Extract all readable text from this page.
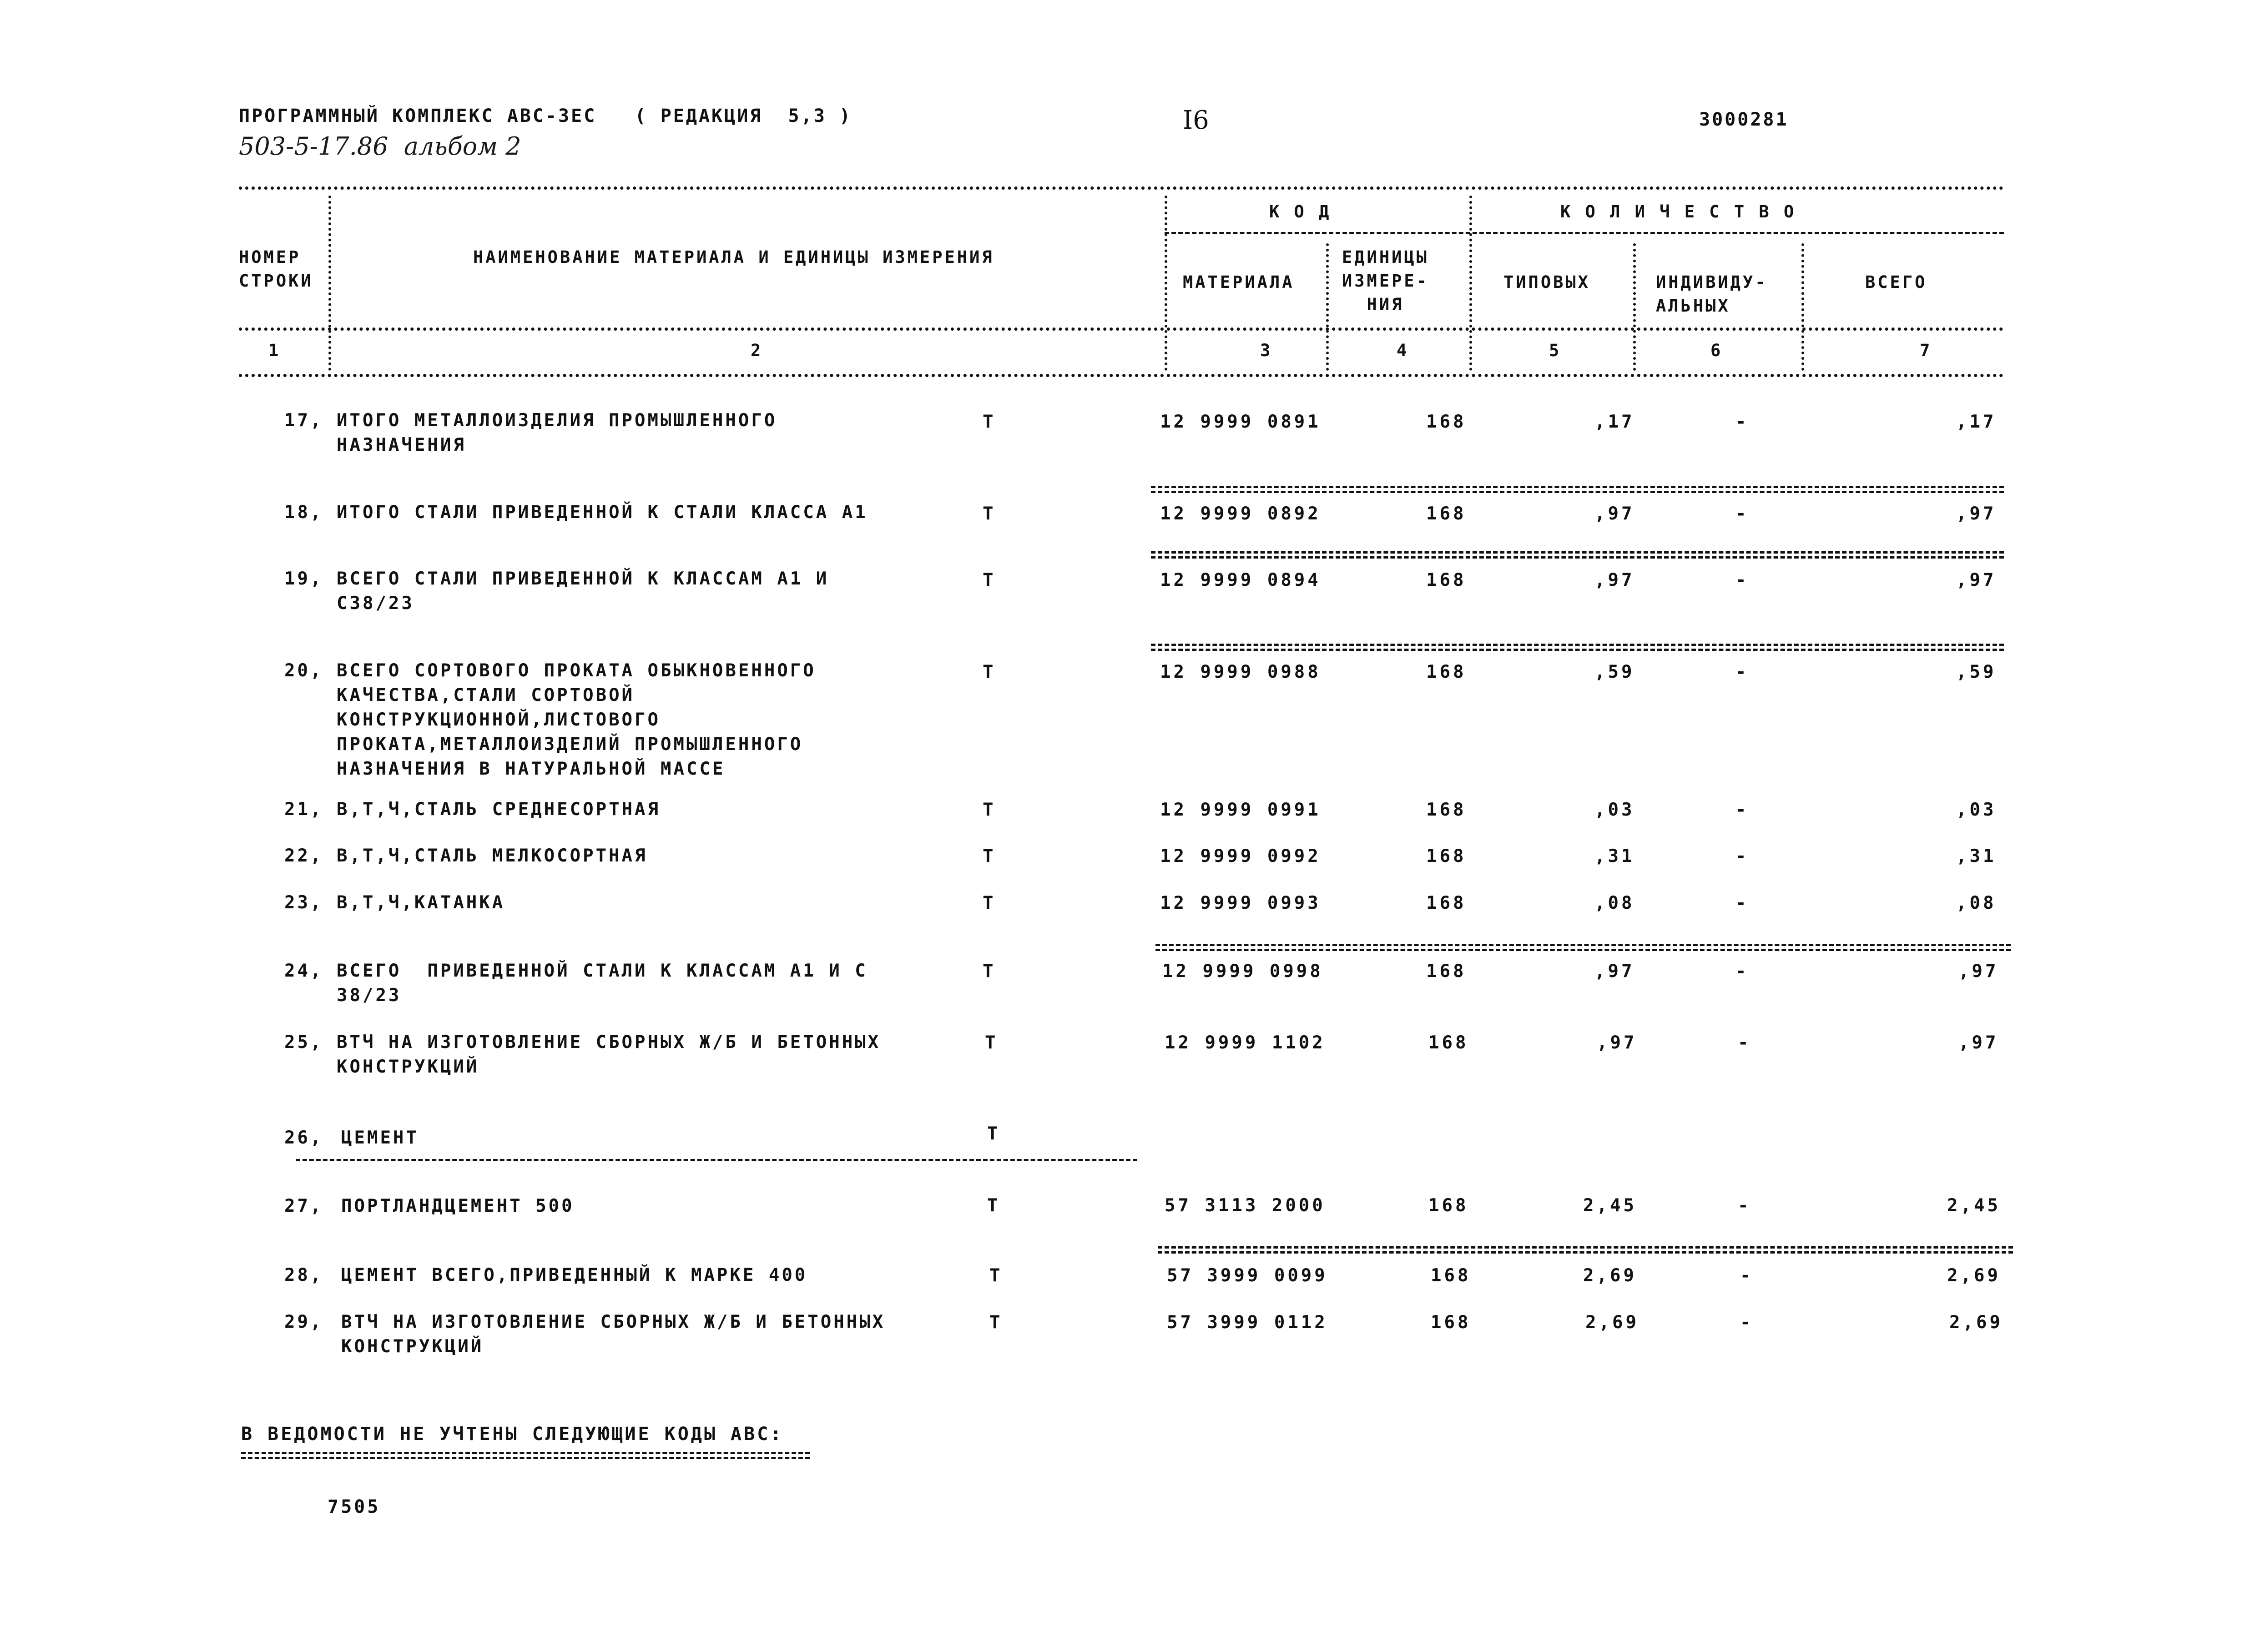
ПРОГРАММНЫЙ КОМПЛЕКС АВС-3ЕС   ( РЕДАКЦИЯ  5,3 )	I6	3000281
503-5-17.86  альбом 2
НОМЕР
СТРОКИ
НАИМЕНОВАНИЕ МАТЕРИАЛА И ЕДИНИЦЫ ИЗМЕРЕНИЯ
К О Д	К О Л И Ч Е С Т В О
МАТЕРИАЛА
ЕДИНИЦЫ
ИЗМЕРЕ-
НИЯ
ТИПОВЫХ	ИНДИВИДУ-
АЛЬНЫХ
ВСЕГО
1	2	3	4	5	6	7
17, ИТОГО МЕТАЛЛОИЗДЕЛИЯ ПРОМЫШЛЕННОГО
НАЗНАЧЕНИЯ
Т	12 9999 0891	168	,17	-	,17
18, ИТОГО СТАЛИ ПРИВЕДЕННОЙ К СТАЛИ КЛАССА А1	Т	12 9999 0892	168	,97	-	,97
19, ВСЕГО СТАЛИ ПРИВЕДЕННОЙ К КЛАССАМ А1 И
С38/23
Т	12 9999 0894	168	,97	-	,97
20, ВСЕГО СОРТОВОГО ПРОКАТА ОБЫКНОВЕННОГО
КАЧЕСТВА,СТАЛИ СОРТОВОЙ
КОНСТРУКЦИОННОЙ,ЛИСТОВОГО
ПРОКАТА,МЕТАЛЛОИЗДЕЛИЙ ПРОМЫШЛЕННОГО
НАЗНАЧЕНИЯ В НАТУРАЛЬНОЙ МАССЕ
Т	12 9999 0988	168	,59	-	,59
21, В,Т,Ч,СТАЛЬ СРЕДНЕСОРТНАЯ	Т	12 9999 0991	168	,03	-	,03
22, В,Т,Ч,СТАЛЬ МЕЛКОСОРТНАЯ	Т	12 9999 0992	168	,31	-	,31
23, В,Т,Ч,КАТАНКА	Т	12 9999 0993	168	,08	-	,08
24, ВСЕГО  ПРИВЕДЕННОЙ СТАЛИ К КЛАССАМ А1 И С
38/23
Т	12 9999 0998	168	,97	-	,97
25, ВТЧ НА ИЗГОТОВЛЕНИЕ СБОРНЫХ Ж/Б И БЕТОННЫХ
КОНСТРУКЦИЙ
Т	12 9999 1102	168	,97	-	,97
26, ЦЕМЕНТ	Т
27, ПОРТЛАНДЦЕМЕНТ 500	Т	57 3113 2000	168	2,45	-	2,45
28, ЦЕМЕНТ ВСЕГО,ПРИВЕДЕННЫЙ К МАРКЕ 400	Т	57 3999 0099	168	2,69	-	2,69
29, ВТЧ НА ИЗГОТОВЛЕНИЕ СБОРНЫХ Ж/Б И БЕТОННЫХ
КОНСТРУКЦИЙ
Т	57 3999 0112	168	2,69	-	2,69
В ВЕДОМОСТИ НЕ УЧТЕНЫ СЛЕДУЮЩИЕ КОДЫ АВС:
7505
